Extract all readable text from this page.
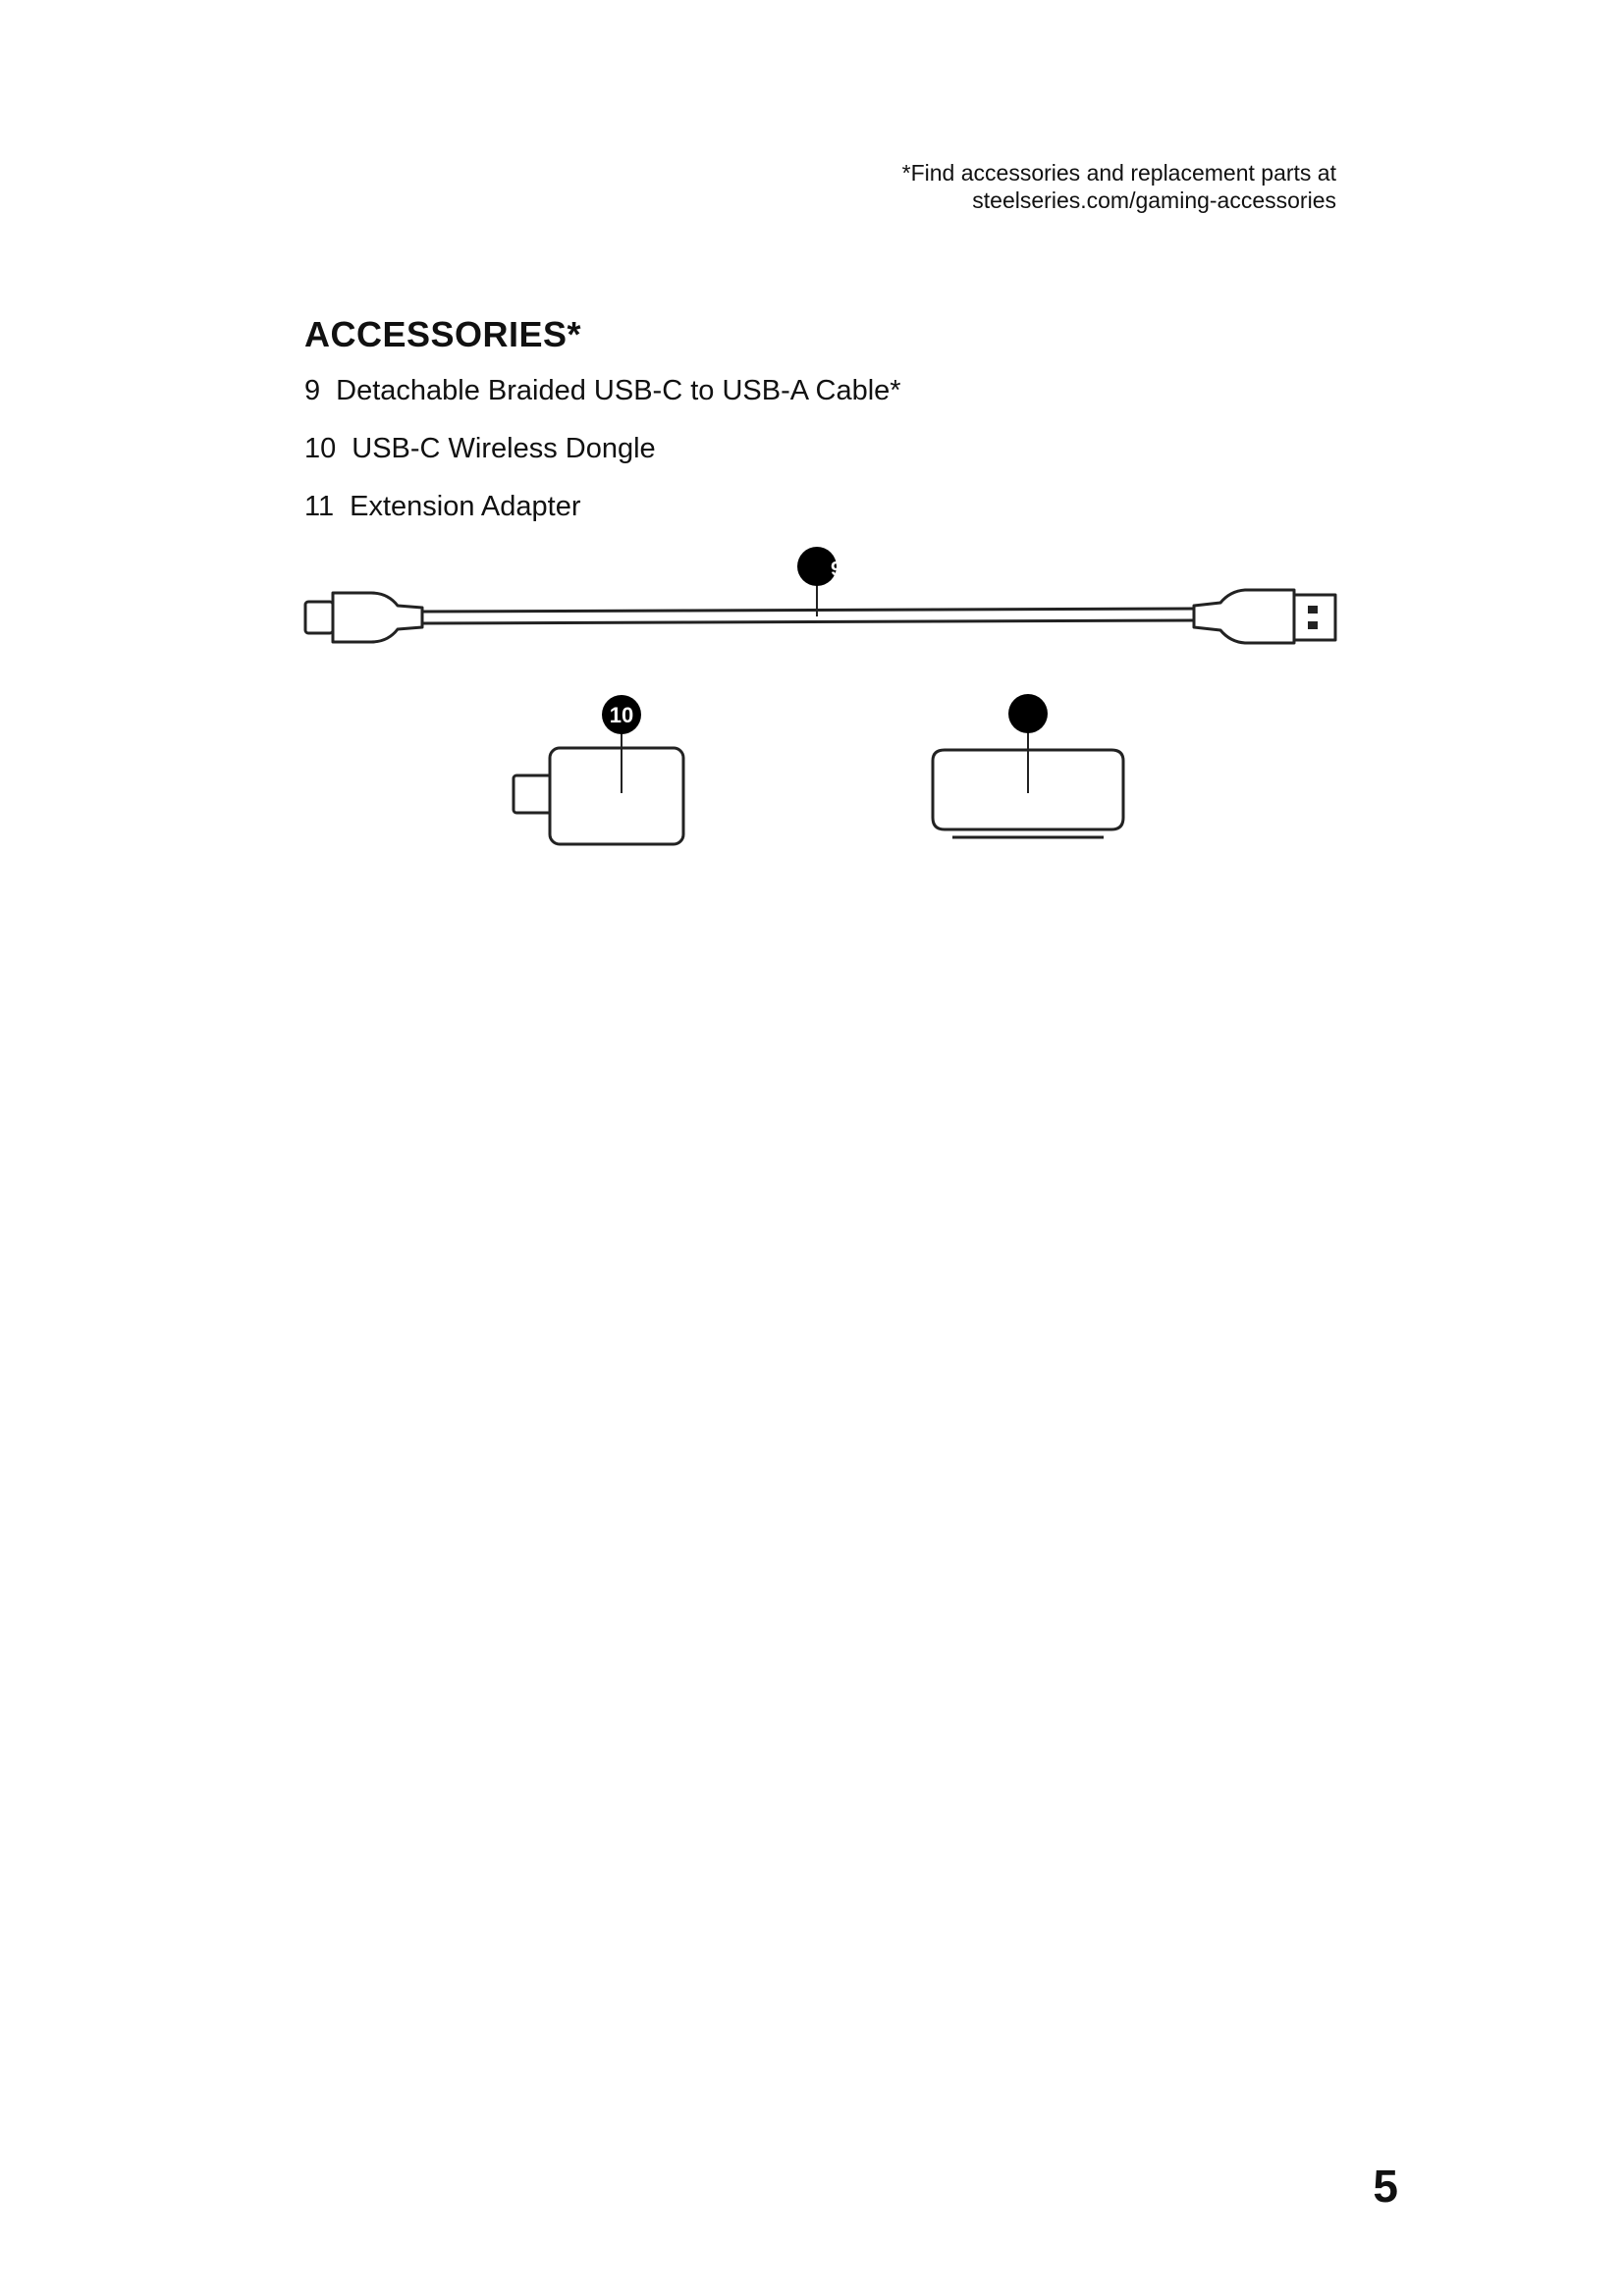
*Find accessories and replacement parts at
steelseries.com/gaming-accessories
ACCESSORIES*
9 Detachable Braided USB-C to USB-A Cable*
10 USB-C Wireless Dongle
11 Extension Adapter
9
10
5
